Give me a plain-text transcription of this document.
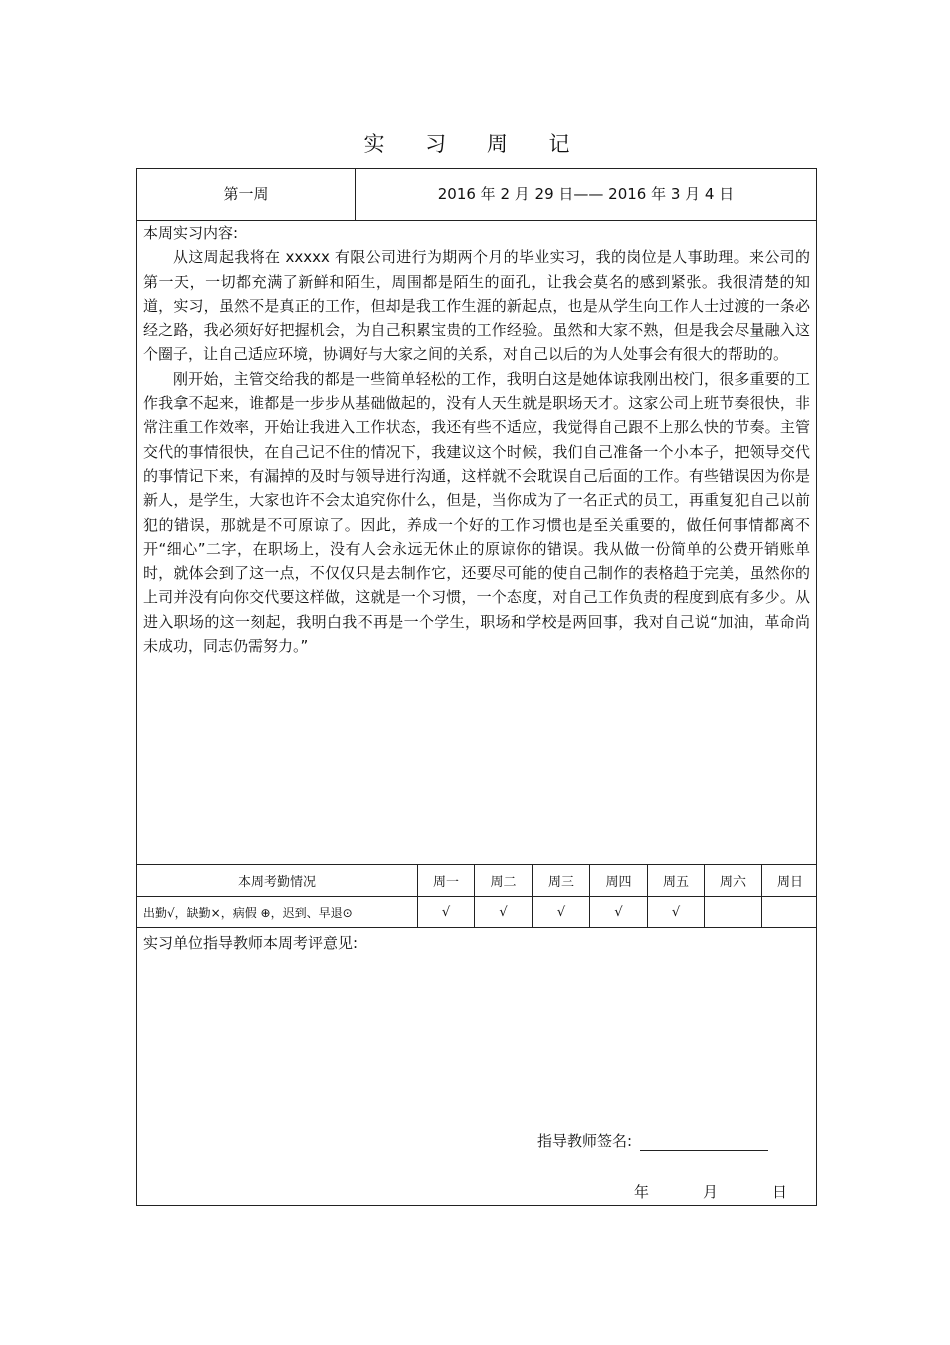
实 习 周 记
第一周	2016 年 2 月 29 日—— 2016 年 3 月 4 日
本周实习内容:

从这周起我将在 xxxxx 有限公司进行为期两个月的毕业实习，我的岗位是人事助理。来公司的第一天，一切都充满了新鲜和陌生，周围都是陌生的面孔，让我会莫名的感到紧张。我很清楚的知道，实习，虽然不是真正的工作，但却是我工作生涯的新起点，也是从学生向工作人士过渡的一条必经之路，我必须好好把握机会，为自己积累宝贵的工作经验。虽然和大家不熟，但是我会尽量融入这个圈子，让自己适应环境，协调好与大家之间的关系，对自己以后的为人处事会有很大的帮助的。

刚开始，主管交给我的都是一些简单轻松的工作，我明白这是她体谅我刚出校门，很多重要的工作我拿不起来，谁都是一步步从基础做起的，没有人天生就是职场天才。这家公司上班节奏很快，非常注重工作效率，开始让我进入工作状态，我还有些不适应，我觉得自己跟不上那么快的节奏。主管交代的事情很快，在自己记不住的情况下，我建议这个时候，我们自己准备一个小本子，把领导交代的事情记下来，有漏掉的及时与领导进行沟通，这样就不会耽误自己后面的工作。有些错误因为你是新人，是学生，大家也许不会太追究你什么，但是，当你成为了一名正式的员工，再重复犯自己以前犯的错误，那就是不可原谅了。因此，养成一个好的工作习惯也是至关重要的，做任何事情都离不开“细心”二字，在职场上，没有人会永远无休止的原谅你的错误。我从做一份简单的公费开销账单时，就体会到了这一点，不仅仅只是去制作它，还要尽可能的使自己制作的表格趋于完美，虽然你的上司并没有向你交代要这样做，这就是一个习惯，一个态度，对自己工作负责的程度到底有多少。从进入职场的这一刻起，我明白我不再是一个学生，职场和学校是两回事，我对自己说“加油，革命尚未成功，同志仍需努力。”

本周考勤情况	周一	周二	周三	周四	周五	周六	周日
出勤√，缺勤×，病假 ⊕，迟到、早退⊙	√	√	√	√	√
实习单位指导教师本周考评意见:
指导教师签名:
年	月	日
